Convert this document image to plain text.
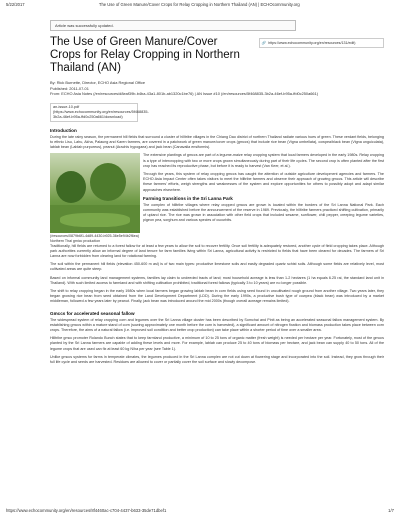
5/22/2017	The Use of Green Manure/Cover Crops for Relay Cropping in Northern Thailand (AN) | ECHOcommunity.org
Article was successfully updated.
The Use of Green Manure/Cover Crops for Relay Cropping in Northern Thailand (AN)
🔗 https://www.echocommunity.org/en/resources/131/edit)
By: Rick Burnette, Director, ECHO Asia Regional Office
Published: 2011-07-01
From: ECHO Asia Notes (/en/resources/d8eaf39b-b4ba-43a1-801b-ab1320c1be76) | AN Issue #10 (/en/resources/5f468835-3b2a-46ef-b95a-ffd0c250a661)
an-issue-10.pdf (https://www.echocommunity.org/en/resources/5f468835-3b2a-46ef-b95a-ffd0c250a661/download)
Introduction

During the late rainy season, the permanent hill fields that surround a cluster of hilltribe villages in the Chiang Dao district of northern Thailand radiate various hues of green. These verdant fields, belonging to ethnic Lisu, Lahu, Akha, Palaung and Karen farmers, are covered in a patchwork of green manure/cover crops (gmccs) that include rice bean (Vigna umbellata), cowpea/black bean (Vigna unguiculata), lablab bean (Lablab purpureus), peanut (Arachis hypogaea) and jack bean (Canavalia ensiformis).

(/resources/0879b6f1-4d89-4430-b925-36e5e94b2f6ea) Northern Thai gmicc production

The extensive plantings of gmccs are part of a legume-maize relay cropping system that local farmers developed in the early 1980s. Relay cropping is a type of intercropping with two or more crops grown simultaneously during part of their life cycles. The second crop is often planted after the first crop has reached its reproductive phase, but before it is ready to harvest (Van Keer, et al.).

Through the years, this system of relay cropping gmccs has caught the attention of outside agriculture development agencies and farmers. The ECHO Asia Impact Center often takes visitors to meet the hilltribe farmers and observe their approach of growing gmccs. This article will describe these farmers' efforts, weigh strengths and weaknesses of the system and explore opportunities for others to possibly adopt and adapt similar approaches elsewhere.

Farming transitions in the Sri Lanna Park

The complex of hilltribe villages where relay cropped gmccs are grown is located within the borders of the Sri Lanna National Park. Each community was established before the announcement of the reserve in 1989. Previously, the hilltribe farmers practiced shifting cultivation, primarily of upland rice. The rice was grown in association with other field crops that included sesame, sunflower, chili pepper, creeping legume varieties, pigeon pea, sorghum and various species of cucurbits.

Traditionally, hill fields are returned to a forest fallow for at least a few years to allow the soil to recover fertility. Once soil fertility is adequately restored, another cycle of field cropping takes place. Although park authorities currently allow an informal degree of land tenure for farm families living within Sri Lanna, agricultural activity is restricted to fields that have been cleared for decades. The farmers of Sri Lanna are now forbidden from clearing land for rotational farming.

The soil within the permanent hill fields (elevation 450-600 m asl) is of two main types: productive limestone soils and easily degraded quartz schist soils. Although some fields are relatively level, most cultivated areas are quite steep.

Based on informal community land management systems, families lay claim to undeeded tracts of land; most household acreage is less than 1-2 hectares (1 ha equals 6.25 rai, the standard land unit in Thailand). With such limited access to farmland and with shifting cultivation prohibited, traditional forest fallows (typically 3 to 10 years) are no longer possible.

The shift to relay cropping began in the early 1980s when local farmers began growing lablab bean in corn fields using seed found in uncultivated rough ground from another village. Two years later, they began growing rice bean from seed obtained from the Land Development Department (LDD). During the early 1990s, a productive bush type of cowpea (black bean) was introduced by a market middleman, followed a few years later by peanut. Finally, jack bean was introduced around the mid 2000s (though overall acreage remains limited).

Gmccs for accelerated seasonal fallow

The widespread system of relay cropping corn and legumes over the Sri Lanna village cluster has been described by Somchai and Pinit as being an accelerated seasonal fallow management system. By establishing gmccs within a mature stand of corn (sowing approximately one month before the corn is harvested), a significant amount of nitrogen fixation and biomass production takes place between corn crops. Therefore, the aims of a natural fallow (i.e. improved soil condition and better crop production) can take place within a shorter period of time over a smaller area.

Hilltribe gmcc promoter Rolando Bunch states that to keep farmland productive, a minimum of 10 to 25 tons of organic matter (fresh weight) is needed per hectare per year. Fortunately, most of the gmccs planted by the Sri Lanna farmers are capable of adding these levels and more. For example, lablab can produce 25 to 40 tons of biomass per hectare, and jack bean can supply 40 to 50 tons. All of the legume crops that are used can fix at least 60 kg N/ha per year (see Table 1).

Unlike gmccs systems for farms in temperate climates, the legumes produced in the Sri Lanna complex are not cut down at flowering stage and incorporated into the soil. Instead, they grow through their full life cycle and seeds are harvested. Residues are allowed to cover or partially cover the soil surface and slowly decompose.

https://www.echocommunity.org/en/resources/8f4460ac-c704-4437-b633-35de71dbef1	1/7
